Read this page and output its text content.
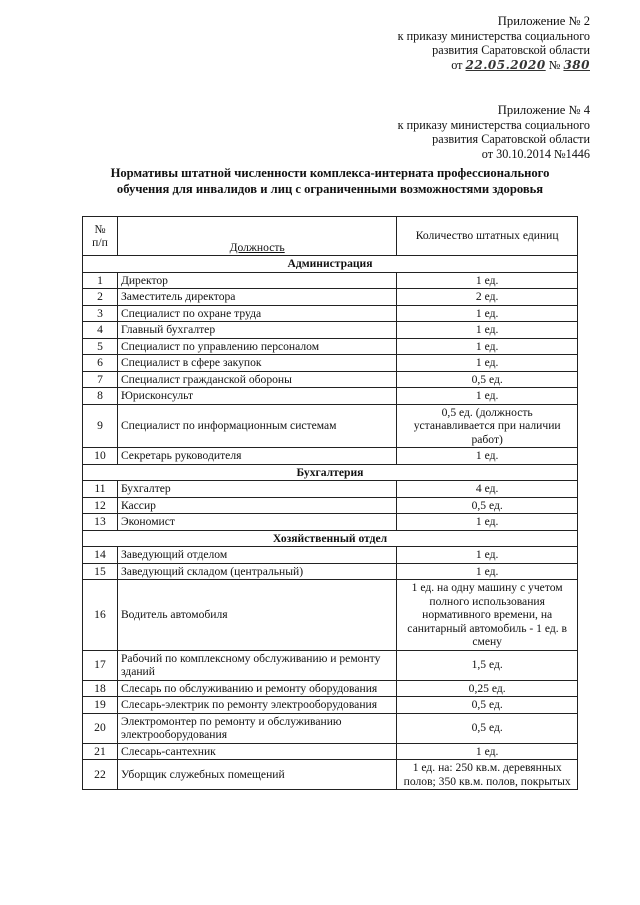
Приложение № 2
к приказу министерства социального
развития Саратовской области
от 22.05.2020 № 380
Приложение № 4
к приказу министерства социального
развития Саратовской области
от 30.10.2014 №1446
Нормативы штатной численности комплекса-интерната профессионального
обучения для инвалидов и лиц с ограниченными возможностями здоровья
№
п/п	Должность	Количество штатных единиц
Администрация		
1	Директор	1 ед.
2	Заместитель директора	2 ед.
3	Специалист по охране труда	1 ед.
4	Главный бухгалтер	1 ед.
5	Специалист по управлению персоналом	1 ед.
6	Специалист в сфере закупок	1 ед.
7	Специалист гражданской обороны	0,5 ед.
8	Юрисконсульт	1 ед.
9	Специалист по информационным системам	0,5 ед. (должность устанавливается при наличии работ)
10	Секретарь руководителя	1 ед.
Бухгалтерия		
11	Бухгалтер	4 ед.
12	Кассир	0,5 ед.
13	Экономист	1 ед.
Хозяйственный отдел		
14	Заведующий отделом	1 ед.
15	Заведующий складом (центральный)	1 ед.
16	Водитель автомобиля	1 ед. на одну машину с учетом полного использования нормативного времени, на санитарный автомобиль - 1 ед. в смену
17	Рабочий по комплексному обслуживанию и ремонту зданий	1,5 ед.
18	Слесарь по обслуживанию и ремонту оборудования	0,25 ед.
19	Слесарь-электрик по ремонту электрооборудования	0,5 ед.
20	Электромонтер по ремонту и обслуживанию электрооборудования	0,5 ед.
21	Слесарь-сантехник	1 ед.
22	Уборщик служебных помещений	1 ед. на: 250 кв.м. деревянных полов; 350 кв.м. полов, покрытых
